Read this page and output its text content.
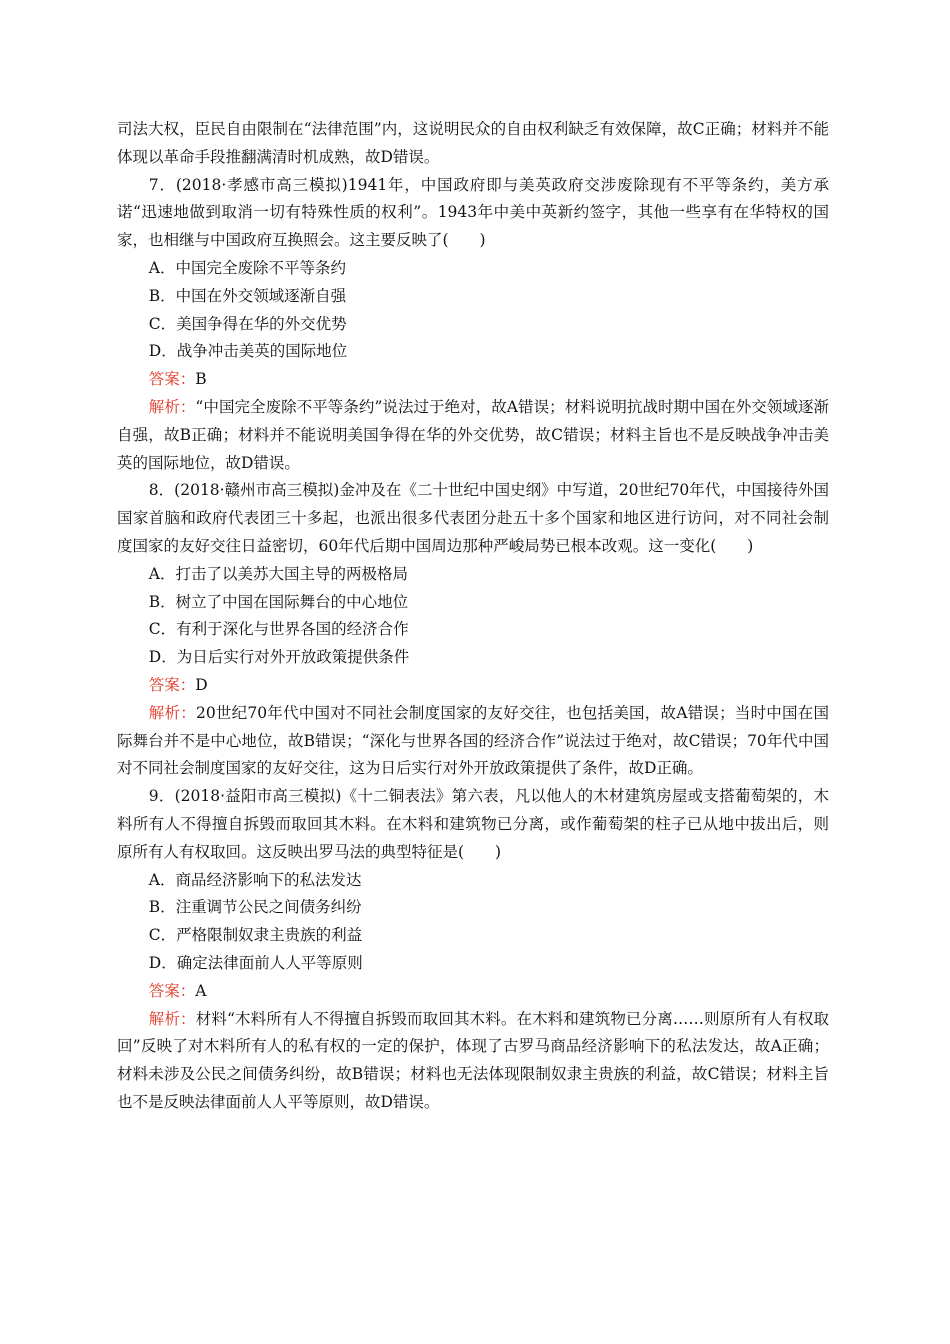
司法大权，臣民自由限制在“法律范围”内，这说明民众的自由权利缺乏有效保障，故C正确；材料并不能体现以革命手段推翻满清时机成熟，故D错误。

7．(2018·孝感市高三模拟)1941年，中国政府即与美英政府交涉废除现有不平等条约，美方承诺“迅速地做到取消一切有特殊性质的权利”。1943年中美中英新约签字，其他一些享有在华特权的国家，也相继与中国政府互换照会。这主要反映了(　　)

A．中国完全废除不平等条约

B．中国在外交领域逐渐自强

C．美国争得在华的外交优势

D．战争冲击美英的国际地位

答案：B

解析：“中国完全废除不平等条约”说法过于绝对，故A错误；材料说明抗战时期中国在外交领域逐渐自强，故B正确；材料并不能说明美国争得在华的外交优势，故C错误；材料主旨也不是反映战争冲击美英的国际地位，故D错误。

8．(2018·赣州市高三模拟)金冲及在《二十世纪中国史纲》中写道，20世纪70年代，中国接待外国国家首脑和政府代表团三十多起，也派出很多代表团分赴五十多个国家和地区进行访问，对不同社会制度国家的友好交往日益密切，60年代后期中国周边那种严峻局势已根本改观。这一变化(　　)

A．打击了以美苏大国主导的两极格局

B．树立了中国在国际舞台的中心地位

C．有利于深化与世界各国的经济合作

D．为日后实行对外开放政策提供条件

答案：D

解析：20世纪70年代中国对不同社会制度国家的友好交往，也包括美国，故A错误；当时中国在国际舞台并不是中心地位，故B错误；“深化与世界各国的经济合作”说法过于绝对，故C错误；70年代中国对不同社会制度国家的友好交往，这为日后实行对外开放政策提供了条件，故D正确。

9．(2018·益阳市高三模拟)《十二铜表法》第六表，凡以他人的木材建筑房屋或支搭葡萄架的，木料所有人不得擅自拆毁而取回其木料。在木料和建筑物已分离，或作葡萄架的柱子已从地中拔出后，则原所有人有权取回。这反映出罗马法的典型特征是(　　)

A．商品经济影响下的私法发达

B．注重调节公民之间债务纠纷

C．严格限制奴隶主贵族的利益

D．确定法律面前人人平等原则

答案：A

解析：材料“木料所有人不得擅自拆毁而取回其木料。在木料和建筑物已分离……则原所有人有权取回”反映了对木料所有人的私有权的一定的保护，体现了古罗马商品经济影响下的私法发达，故A正确；材料未涉及公民之间债务纠纷，故B错误；材料也无法体现限制奴隶主贵族的利益，故C错误；材料主旨也不是反映法律面前人人平等原则，故D错误。
